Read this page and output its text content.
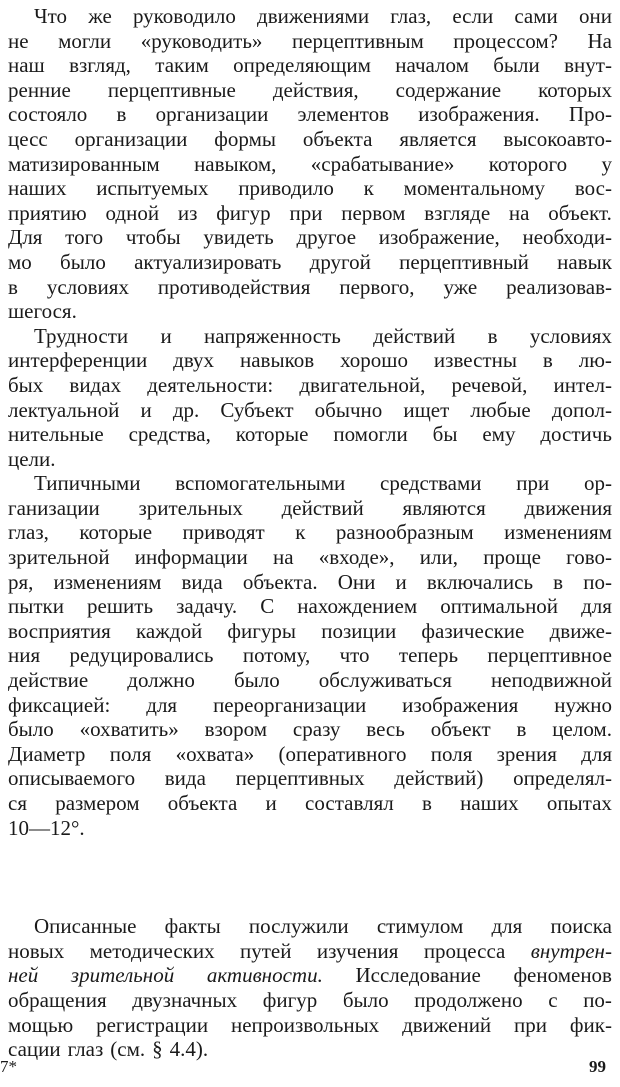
Что же руководило движениями глаз, если сами они
не могли «руководить» перцептивным процессом? На
наш взгляд, таким определяющим началом были внут-
ренние перцептивные действия, содержание которых
состояло в организации элементов изображения. Про-
цесс организации формы объекта является высокоавто-
матизированным навыком, «срабатывание» которого у
наших испытуемых приводило к моментальному вос-
приятию одной из фигур при первом взгляде на объект.
Для того чтобы увидеть другое изображение, необходи-
мо было актуализировать другой перцептивный навык
в условиях противодействия первого, уже реализовав-
шегося.
Трудности и напряженность действий в условиях
интерференции двух навыков хорошо известны в лю-
бых видах деятельности: двигательной, речевой, интел-
лектуальной и др. Субъект обычно ищет любые допол-
нительные средства, которые помогли бы ему достичь
цели.
Типичными вспомогательными средствами при ор-
ганизации зрительных действий являются движения
глаз, которые приводят к разнообразным изменениям
зрительной информации на «входе», или, проще гово-
ря, изменениям вида объекта. Они и включались в по-
пытки решить задачу. С нахождением оптимальной для
восприятия каждой фигуры позиции фазические движе-
ния редуцировались потому, что теперь перцептивное
действие должно было обслуживаться неподвижной
фиксацией: для переорганизации изображения нужно
было «охватить» взором сразу весь объект в целом.
Диаметр поля «охвата» (оперативного поля зрения для
описываемого вида перцептивных действий) определял-
ся размером объекта и составлял в наших опытах
10—12°.
Описанные факты послужили стимулом для поиска
новых методических путей изучения процесса внутрен-
ней зрительной активности. Исследование феноменов
обращения двузначных фигур было продолжено с по-
мощью регистрации непроизвольных движений при фик-
сации глаз (см. § 4.4).
7*	99
